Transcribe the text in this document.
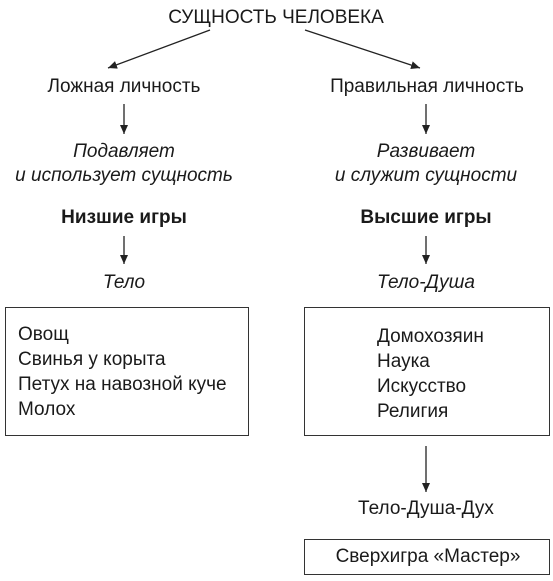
СУЩНОСТЬ ЧЕЛОВЕКА
Ложная личность	Правильная личность
Подавляет
и использует сущность
Развивает
и служит сущности
Низшие игры	Высшие игры
Тело	Тело-Душа
Овощ
Свинья у корыта
Петух на навозной куче
Молох
Домохозяин
Наука
Искусство
Религия
Тело-Душа-Дух
Сверхигра «Мастер»
